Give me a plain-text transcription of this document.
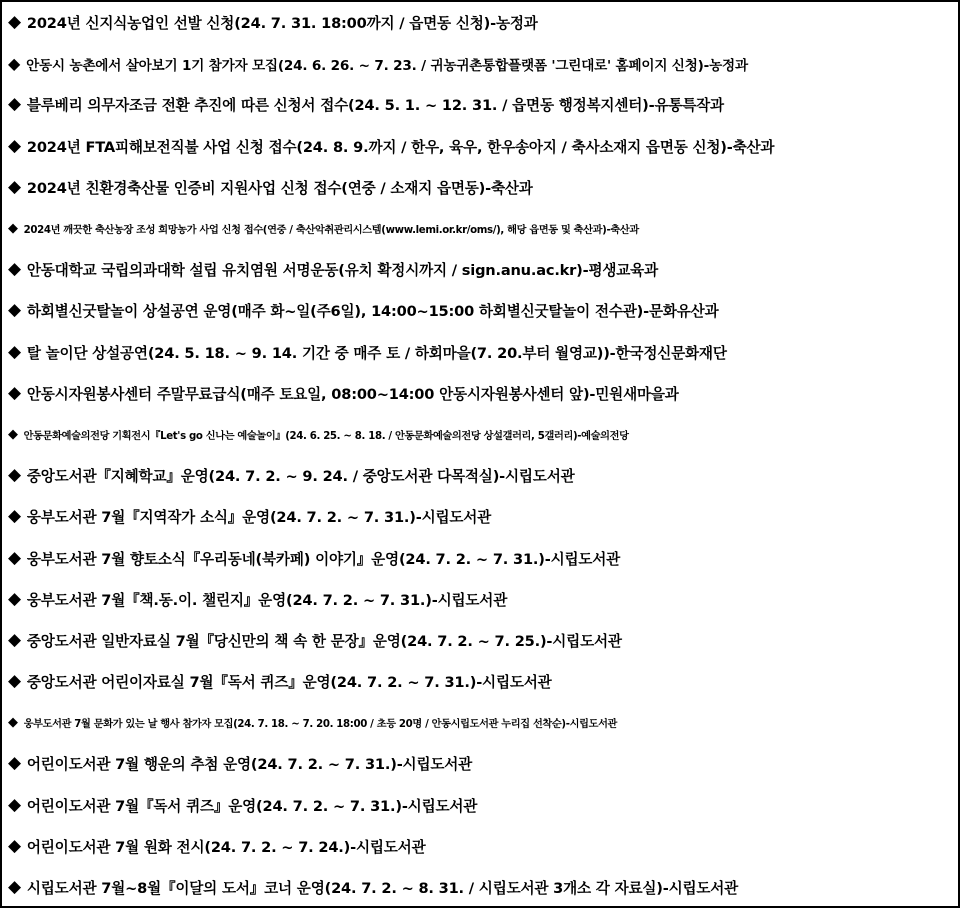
◆ 2024년 신지식농업인 선발 신청(24. 7. 31. 18:00까지 / 읍면동 신청)-농정과
◆ 안동시 농촌에서 살아보기 1기 참가자 모집(24. 6. 26. ~ 7. 23. / 귀농귀촌통합플랫폼 '그린대로' 홈페이지 신청)-농정과
◆ 블루베리 의무자조금 전환 추진에 따른 신청서 접수(24. 5. 1. ~ 12. 31. / 읍면동 행정복지센터)-유통특작과
◆ 2024년 FTA피해보전직불 사업 신청 접수(24. 8. 9.까지 / 한우, 육우, 한우송아지 / 축사소재지 읍면동 신청)-축산과
◆ 2024년 친환경축산물 인증비 지원사업 신청 접수(연중 / 소재지 읍면동)-축산과
◆ 2024년 깨끗한 축산농장 조성 희망농가 사업 신청 접수(연중 / 축산악취관리시스템(www.lemi.or.kr/oms/), 해당 읍면동 및 축산과)-축산과
◆ 안동대학교 국립의과대학 설립 유치염원 서명운동(유치 확정시까지 / sign.anu.ac.kr)-평생교육과
◆ 하회별신굿탈놀이 상설공연 운영(매주 화~일(주6일), 14:00~15:00 하회별신굿탈놀이 전수관)-문화유산과
◆ 탈 놀이단 상설공연(24. 5. 18. ~ 9. 14. 기간 중 매주 토 / 하회마을(7. 20.부터 월영교))-한국정신문화재단
◆ 안동시자원봉사센터 주말무료급식(매주 토요일, 08:00~14:00 안동시자원봉사센터 앞)-민원새마을과
◆ 안동문화예술의전당 기획전시『Let's go 신나는 예술놀이』(24. 6. 25. ~ 8. 18. / 안동문화예술의전당 상설갤러리, 5갤러리)-예술의전당
◆ 중앙도서관『지혜학교』운영(24. 7. 2. ~ 9. 24. / 중앙도서관 다목적실)-시립도서관
◆ 웅부도서관 7월『지역작가 소식』운영(24. 7. 2. ~ 7. 31.)-시립도서관
◆ 웅부도서관 7월 향토소식『우리동네(북카페) 이야기』운영(24. 7. 2. ~ 7. 31.)-시립도서관
◆ 웅부도서관 7월『책.동.이. 챌린지』운영(24. 7. 2. ~ 7. 31.)-시립도서관
◆ 중앙도서관 일반자료실 7월『당신만의 책 속 한 문장』운영(24. 7. 2. ~ 7. 25.)-시립도서관
◆ 중앙도서관 어린이자료실 7월『독서 퀴즈』운영(24. 7. 2. ~ 7. 31.)-시립도서관
◆ 웅부도서관 7월 문화가 있는 날 행사 참가자 모집(24. 7. 18. ~ 7. 20. 18:00 / 초등 20명 / 안동시립도서관 누리집 선착순)-시립도서관
◆ 어린이도서관 7월 행운의 추첨 운영(24. 7. 2. ~ 7. 31.)-시립도서관
◆ 어린이도서관 7월『독서 퀴즈』운영(24. 7. 2. ~ 7. 31.)-시립도서관
◆ 어린이도서관 7월 원화 전시(24. 7. 2. ~ 7. 24.)-시립도서관
◆ 시립도서관 7월~8월『이달의 도서』코너 운영(24. 7. 2. ~ 8. 31. / 시립도서관 3개소 각 자료실)-시립도서관
